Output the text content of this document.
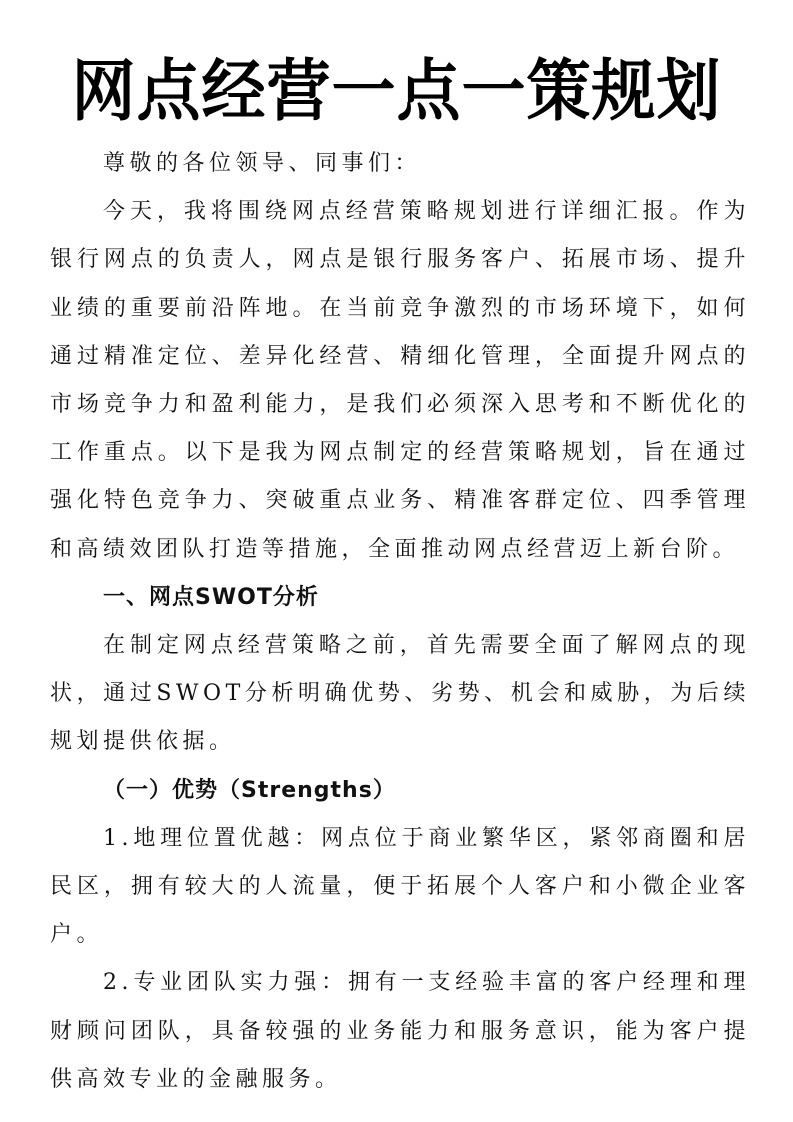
网点经营一点一策规划

尊敬的各位领导、同事们：

今天，我将围绕网点经营策略规划进行详细汇报。作为银行网点的负责人，网点是银行服务客户、拓展市场、提升业绩的重要前沿阵地。在当前竞争激烈的市场环境下，如何通过精准定位、差异化经营、精细化管理，全面提升网点的市场竞争力和盈利能力，是我们必须深入思考和不断优化的工作重点。以下是我为网点制定的经营策略规划，旨在通过强化特色竞争力、突破重点业务、精准客群定位、四季管理和高绩效团队打造等措施，全面推动网点经营迈上新台阶。

一、网点SWOT分析

在制定网点经营策略之前，首先需要全面了解网点的现状，通过SWOT分析明确优势、劣势、机会和威胁，为后续规划提供依据。

（一）优势（Strengths）

1.地理位置优越：网点位于商业繁华区，紧邻商圈和居民区，拥有较大的人流量，便于拓展个人客户和小微企业客户。

2.专业团队实力强：拥有一支经验丰富的客户经理和理财顾问团队，具备较强的业务能力和服务意识，能为客户提供高效专业的金融服务。
